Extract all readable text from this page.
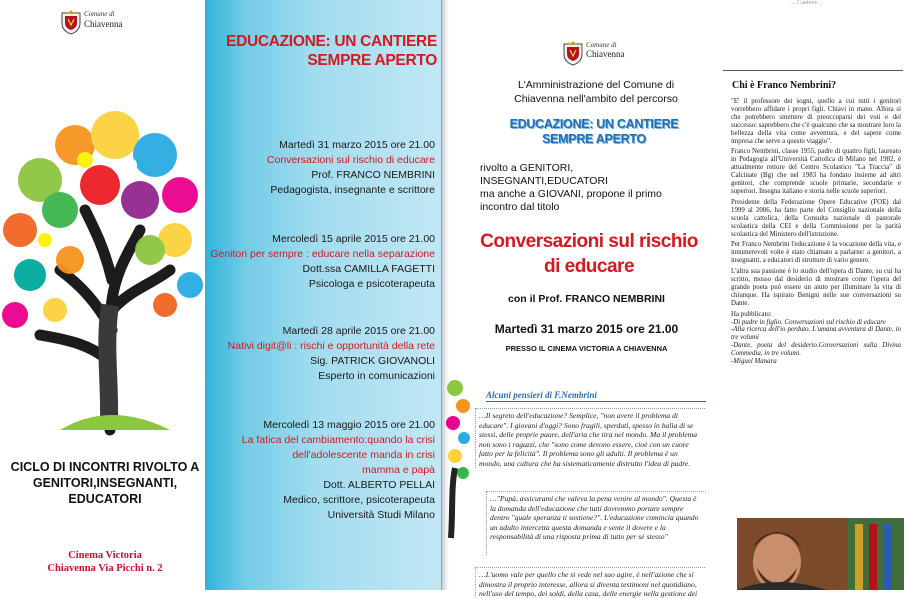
Comune di
Chiavenna
CICLO DI INCONTRI RIVOLTO A GENITORI,INSEGNANTI, EDUCATORI
Cinema Victoria
Chiavenna Via Picchi n. 2
EDUCAZIONE: UN CANTIERE
SEMPRE APERTO
Martedì 31 marzo 2015 ore 21.00
Conversazioni sul rischio di educare
Prof. FRANCO NEMBRINI
Pedagogista, insegnante e scrittore
Mercoledì 15 aprile 2015 ore 21.00
Genitori per sempre : educare nella separazione
Dott.ssa CAMILLA FAGETTI
Psicologa e psicoterapeuta
Martedì 28 aprile 2015 ore 21.00
Nativi digit@li : rischi e opportunità della rete
Sig. PATRICK GIOVANOLI
Esperto in comunicazioni
Mercoledì 13 maggio 2015 ore 21.00
La fatica del cambiamento:quando la crisi
dell'adolescente manda in crisi
mamma e papà
Dott. ALBERTO PELLAI
Medico, scrittore, psicoterapeuta
Università Studi Milano
Comune di
Chiavenna
L'Amministrazione del Comune di
Chiavenna nell'ambito del percorso
EDUCAZIONE: UN CANTIERE
SEMPRE APERTO
rivolto a GENITORI, INSEGNANTI,EDUCATORI
ma anche a GIOVANI, propone il primo
incontro dal titolo
Conversazioni sul rischio
di educare
con il Prof. FRANCO NEMBRINI
Martedì 31 marzo 2015 ore 21.00
PRESSO IL CINEMA VICTORIA A CHIAVENNA
Alcuni pensieri di F.Nembrini
…Il segreto dell'educazione? Semplice, "non avere il problema di educare". I giovani d'oggi? Sono fragili, sperduti, spesso in balìa di se stessi, delle proprie paure, dell'aria che tira nel mondo. Ma il problema non sono i ragazzi, che "sono come devono essere, cioè con un cuore fatto per la felicità". Il problema sono gli adulti. Il problema è un mondo, una cultura che ha sistematicamente distrutto l'idea di padre.
…"Papà, assicurami che valeva la pena venire al mondo". Questa è la domanda dell'educazione che tutti dovremmo portare sempre dentro "quale speranza ti sostiene?". L'educazione comincia quando un adulto intercetta questa domanda e sente il dovere e la responsabilità di una risposta prima di tutto per sé stesso"
…L'uomo vale per quello che si vede nel suo agire, è nell'azione che si dimostra il proprio interesse, allora si diventa testimoni nel quotidiano, nell'uso del tempo, dei soldi, della casa, delle energie nella gestione dei
… Cantiere…
Chi è Franco Nembrini?

"E' il professore dei sogni, quello a cui tutti i genitori vorrebbero affidare i propri figli. Chiavi in mano. Allora sì che potrebbero smettere di preoccuparsi dei voti e del successo: saprebbero che c'è qualcuno che sa mostrare loro la bellezza della vita come avventura, e del sapere come impresa che serve a questo viaggio".

Franco Nembrini, classe 1955, padre di quattro figli, laureato in Pedagogia all'Università Cattolica di Milano nel 1982, è attualmente rettore del Centro Scolastico "La Traccia" di Calcinate (Bg) che nel 1983 ha fondato insieme ad altri genitori, che comprende scuole primarie, secondarie e superiori. Insegna italiano e storia nelle scuole superiori.

Presidente della Federazione Opere Educative (FOE) dal 1999 al 2006, ha fatto parte del Consiglio nazionale della scuola cattolica, della Consulta nazionale di pastorale scolastica della CEI e della Commissione per la parità scolastica del Ministero dell'istruzione.

Per Franco Nembrini l'educazione è la vocazione della vita, e innumerevoli volte è stato chiamato a parlarne: a genitori, a insegnanti, a educatori di strutture di vario genere.

L'altra sua passione è lo studio dell'opera di Dante, su cui ha scritto, mosso dal desiderio di mostrare come l'opera del grande poeta può essere un aiuto per illuminare la vita di chiunque. Ha ispirato Benigni nelle sue conversazioni su Dante.

Ha pubblicato:
-Di padre in figlio. Conversazioni sul rischio di educare
-Alla ricerca dell'io perduto. L'umana avventura di Dante, in tre volumi
-Dante, poeta del desiderio.Conversazioni sulla Divina Commedia, in tre volumi.
-Miguel Manara
